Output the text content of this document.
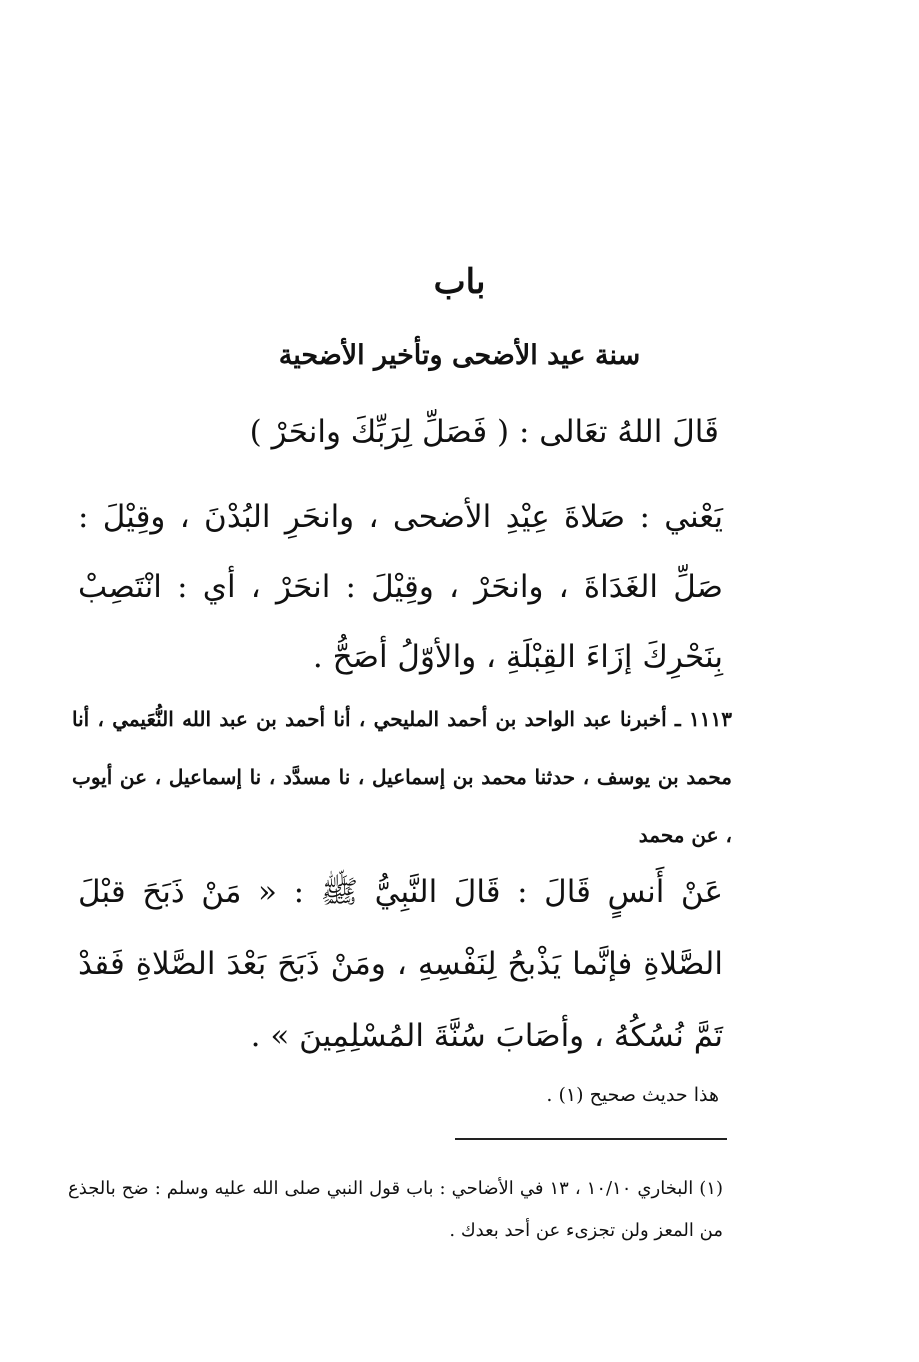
باب
سنة عيد الأضحى وتأخير الأضحية
قَالَ اللهُ تعَالى : ( فَصَلِّ لِرَبِّكَ وانحَرْ )
يَعْني : صَلاةَ عِيْدِ الأضحى ، وانحَرِ البُدْنَ ، وقِيْلَ : صَلِّ الغَدَاةَ ، وانحَرْ ، وقِيْلَ : انحَرْ ، أي : انْتَصِبْ بِنَحْرِكَ إزَاءَ القِبْلَةِ ، والأوّلُ أصَحُّ .
١١١٣ ـ أخبرنا عبد الواحد بن أحمد المليحي ، أنا أحمد بن عبد الله النُّعَيمي ، أنا محمد بن يوسف ، حدثنا محمد بن إسماعيل ، نا مسدَّد ، نا إسماعيل ، عن أيوب ، عن محمد
عَنْ أَنسٍ قَالَ : قَالَ النَّبِيُّ ﷺ : « مَنْ ذَبَحَ قبْلَ الصَّلاةِ فإنَّما يَذْبحُ لِنَفْسِهِ ، ومَنْ ذَبَحَ بَعْدَ الصَّلاةِ فَقدْ تَمَّ نُسُكُهُ ، وأصَابَ سُنَّةَ المُسْلِمِينَ » .
هذا حديث صحيح (١) .
(١) البخاري ١٠/١٠ ، ١٣ في الأضاحي : باب قول النبي صلى الله عليه وسلم : ضح بالجذع من المعز ولن تجزىء عن أحد بعدك .
